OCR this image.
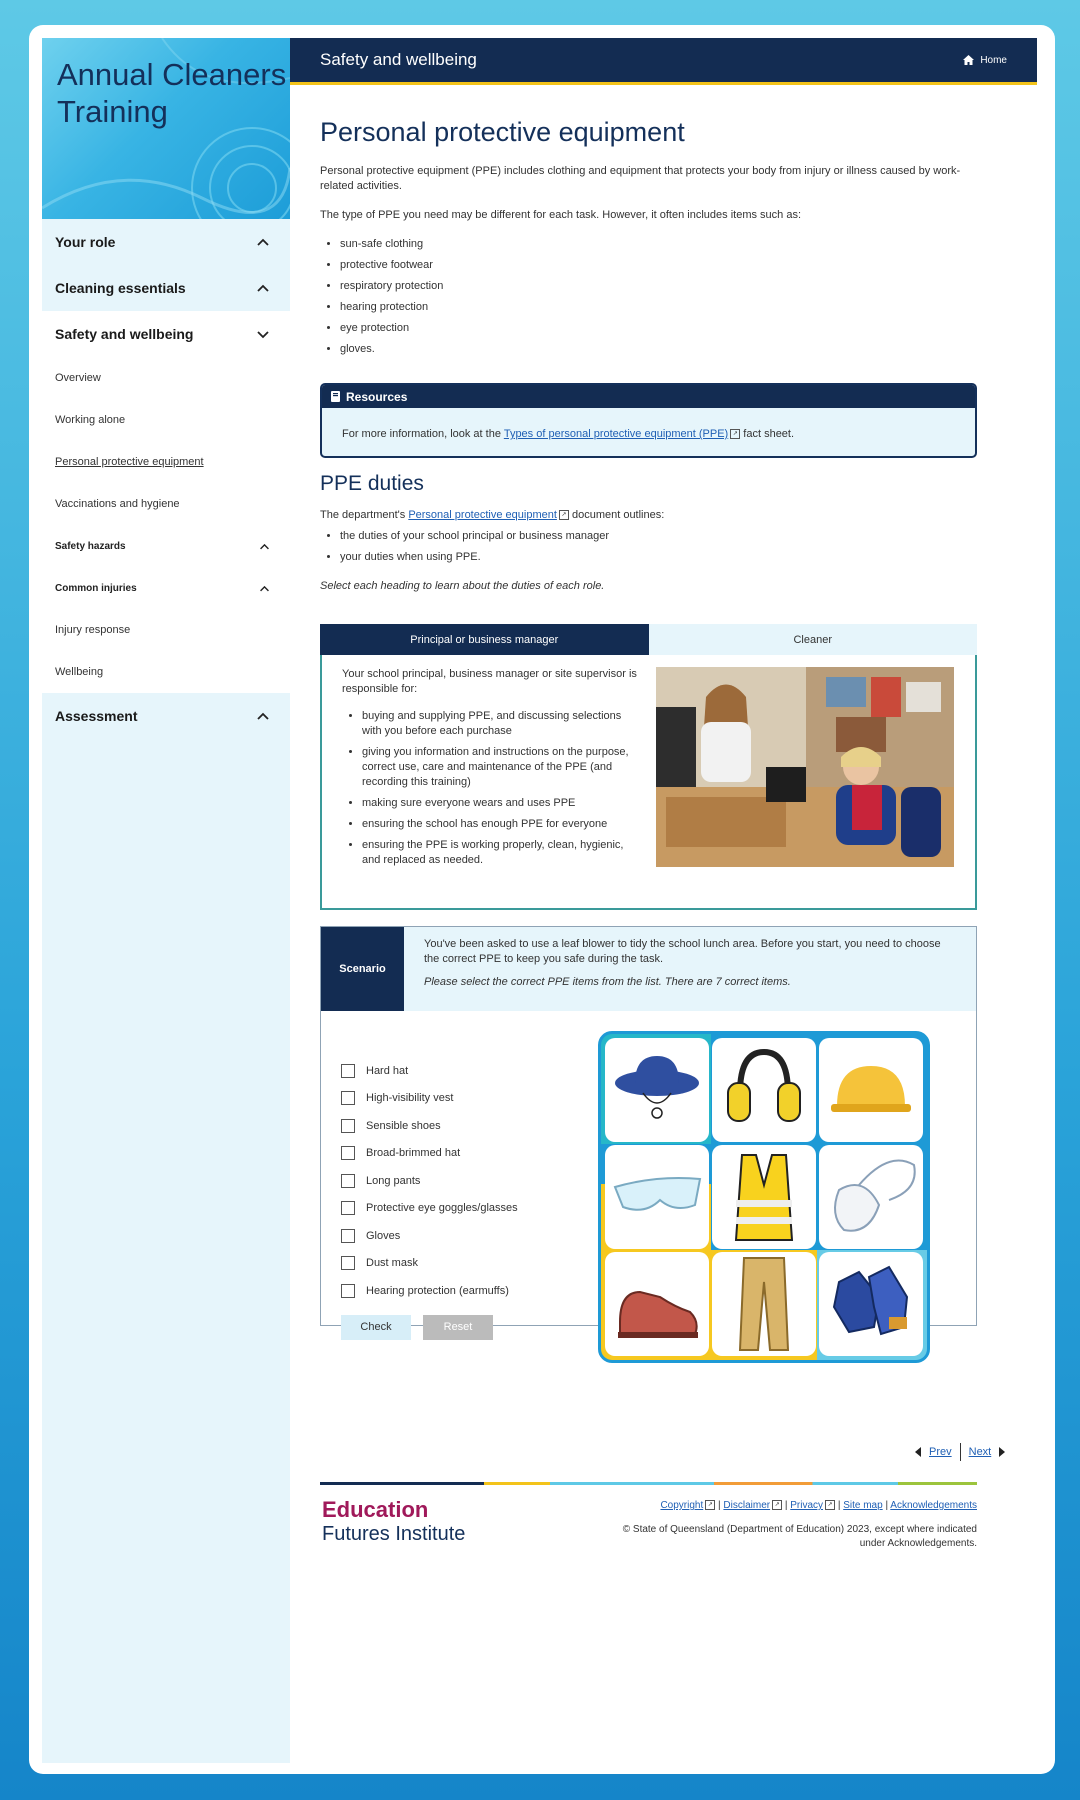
Annual Cleaners Training
Your role
Cleaning essentials
Safety and wellbeing
Overview
Working alone
Personal protective equipment
Vaccinations and hygiene
Safety hazards
Common injuries
Injury response
Wellbeing
Assessment
Safety and wellbeing	Home
Personal protective equipment

Personal protective equipment (PPE) includes clothing and equipment that protects your body from injury or illness caused by work-related activities.

The type of PPE you need may be different for each task. However, it often includes items such as:

• sun-safe clothing
• protective footwear
• respiratory protection
• hearing protection
• eye protection
• gloves.
Resources
For more information, look at the Types of personal protective equipment (PPE) ↗ fact sheet.
PPE duties

The department's Personal protective equipment ↗ document outlines:

• the duties of your school principal or business manager
• your duties when using PPE.

Select each heading to learn about the duties of each role.

Principal or business manager	Cleaner

Your school principal, business manager or site supervisor is responsible for:

• buying and supplying PPE, and discussing selections with you before each purchase
• giving you information and instructions on the purpose, correct use, care and maintenance of the PPE (and recording this training)
• making sure everyone wears and uses PPE
• ensuring the school has enough PPE for everyone
• ensuring the PPE is working properly, clean, hygienic, and replaced as needed.
Scenario
You've been asked to use a leaf blower to tidy the school lunch area. Before you start, you need to choose the correct PPE to keep you safe during the task.
Please select the correct PPE items from the list. There are 7 correct items.
Hard hat
High-visibility vest
Sensible shoes
Broad-brimmed hat
Long pants
Protective eye goggles/glasses
Gloves
Dust mask
Hearing protection (earmuffs)
Check	Reset
Prev Next
Education
Futures Institute
Copyright ↗ | Disclaimer ↗ | Privacy ↗ | Site map | Acknowledgements
© State of Queensland (Department of Education) 2023, except where indicated under Acknowledgements.
